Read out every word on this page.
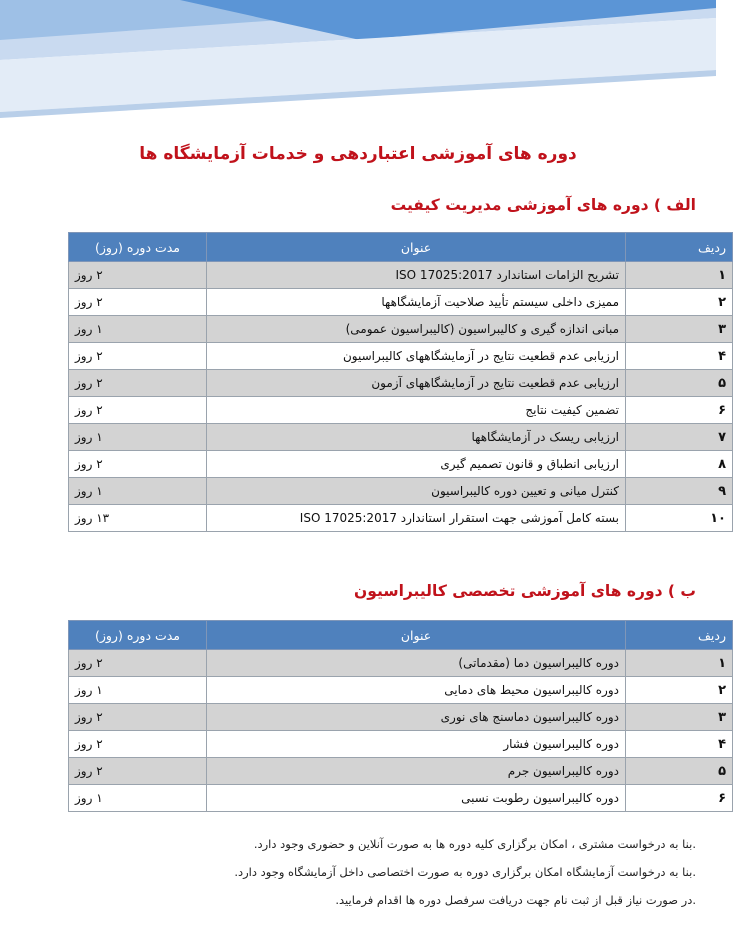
دوره های آموزشی اعتباردهی و خدمات آزمایشگاه ها
الف ) دوره های آموزشی مدیریت کیفیت
ردیف	عنوان	مدت دوره (روز)
۱	تشریح الزامات استاندارد ISO 17025:2017	۲ روز
۲	ممیزی داخلی سیستم تأیید صلاحیت آزمایشگاهها	۲ روز
۳	مبانی اندازه گیری و کالیبراسیون (کالیبراسیون عمومی)	۱ روز
۴	ارزیابی عدم قطعیت نتایج در آزمایشگاههای کالیبراسیون	۲ روز
۵	ارزیابی عدم قطعیت نتایج در آزمایشگاههای آزمون	۲ روز
۶	تضمین کیفیت نتایج	۲ روز
۷	ارزیابی ریسک در آزمایشگاهها	۱ روز
۸	ارزیابی انطباق و قانون تصمیم گیری	۲ روز
۹	کنترل میانی و تعیین دوره کالیبراسیون	۱ روز
۱۰	بسته کامل آموزشی جهت استقرار استاندارد ISO 17025:2017	۱۳ روز
ب ) دوره های آموزشی تخصصی کالیبراسیون
ردیف	عنوان	مدت دوره (روز)
۱	دوره کالیبراسیون دما (مقدماتی)	۲ روز
۲	دوره کالیبراسیون محیط های دمایی	۱ روز
۳	دوره کالیبراسیون دماسنج های نوری	۲ روز
۴	دوره کالیبراسیون فشار	۲ روز
۵	دوره کالیبراسیون جرم	۲ روز
۶	دوره کالیبراسیون رطوبت نسبی	۱ روز
.بنا به درخواست مشتری ، امکان برگزاری کلیه دوره ها به صورت آنلاین و حضوری وجود دارد.
.بنا به درخواست آزمایشگاه امکان برگزاری دوره به صورت اختصاصی داخل آزمایشگاه وجود دارد.
.در صورت نیاز قبل از ثبت نام جهت دریافت سرفصل دوره ها اقدام فرمایید.
